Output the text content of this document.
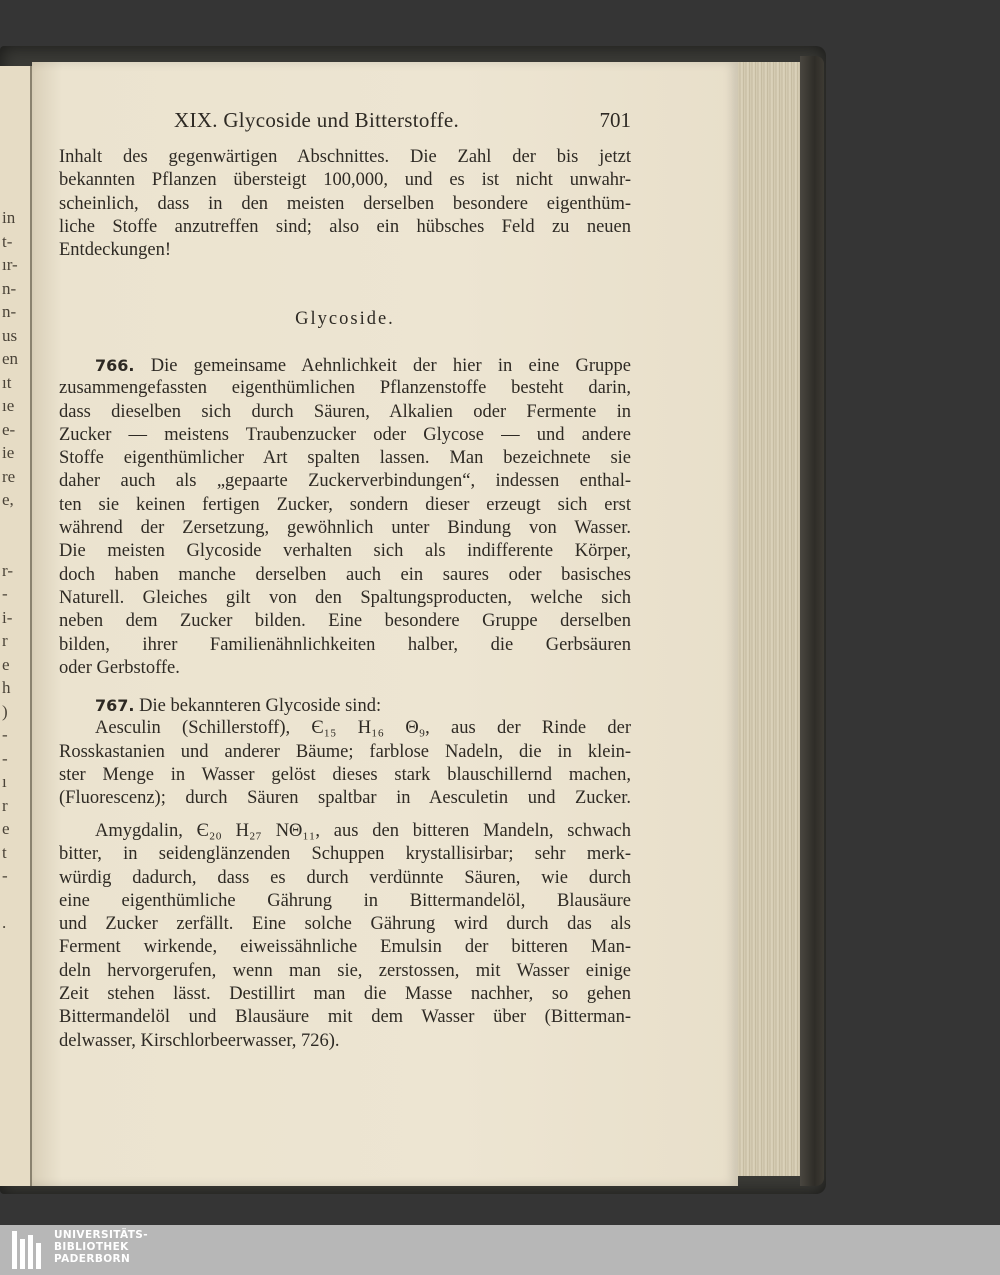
in
t-
ır-
n-
n-
us
en
ıt
ıe
e-
ie
re
e,
r-
-
i-
r
e
h
)
-
-
ı
r
e
t
-
.
XIX. Glycoside und Bitterstoffe.	701
Inhalt des gegenwärtigen Abschnittes. Die Zahl der bis jetzt
bekannten Pflanzen übersteigt 100,000, und es ist nicht unwahr-
scheinlich, dass in den meisten derselben besondere eigenthüm-
liche Stoffe anzutreffen sind; also ein hübsches Feld zu neuen
Entdeckungen!
Glycoside.
766. Die gemeinsame Aehnlichkeit der hier in eine Gruppe
zusammengefassten eigenthümlichen Pflanzenstoffe besteht darin,
dass dieselben sich durch Säuren, Alkalien oder Fermente in
Zucker — meistens Traubenzucker oder Glycose — und andere
Stoffe eigenthümlicher Art spalten lassen. Man bezeichnete sie
daher auch als „gepaarte Zuckerverbindungen“, indessen enthal-
ten sie keinen fertigen Zucker, sondern dieser erzeugt sich erst
während der Zersetzung, gewöhnlich unter Bindung von Wasser.
Die meisten Glycoside verhalten sich als indifferente Körper,
doch haben manche derselben auch ein saures oder basisches
Naturell. Gleiches gilt von den Spaltungsproducten, welche sich
neben dem Zucker bilden. Eine besondere Gruppe derselben
bilden, ihrer Familienähnlichkeiten halber, die Gerbsäuren
oder Gerbstoffe.
767. Die bekannteren Glycoside sind:
Aesculin (Schillerstoff), Є₁₅ H₁₆ Θ₉, aus der Rinde der
Rosskastanien und anderer Bäume; farblose Nadeln, die in klein-
ster Menge in Wasser gelöst dieses stark blauschillernd machen,
(Fluorescenz); durch Säuren spaltbar in Aesculetin und Zucker.
Amygdalin, Є₂₀ H₂₇ NΘ₁₁, aus den bitteren Mandeln, schwach
bitter, in seidenglänzenden Schuppen krystallisirbar; sehr merk-
würdig dadurch, dass es durch verdünnte Säuren, wie durch
eine eigenthümliche Gährung in Bittermandelöl, Blausäure
und Zucker zerfällt. Eine solche Gährung wird durch das als
Ferment wirkende, eiweissähnliche Emulsin der bitteren Man-
deln hervorgerufen, wenn man sie, zerstossen, mit Wasser einige
Zeit stehen lässt. Destillirt man die Masse nachher, so gehen
Bittermandelöl und Blausäure mit dem Wasser über (Bitterman-
delwasser, Kirschlorbeerwasser, 726).
UNIVERSITÄTS-
BIBLIOTHEK
PADERBORN
